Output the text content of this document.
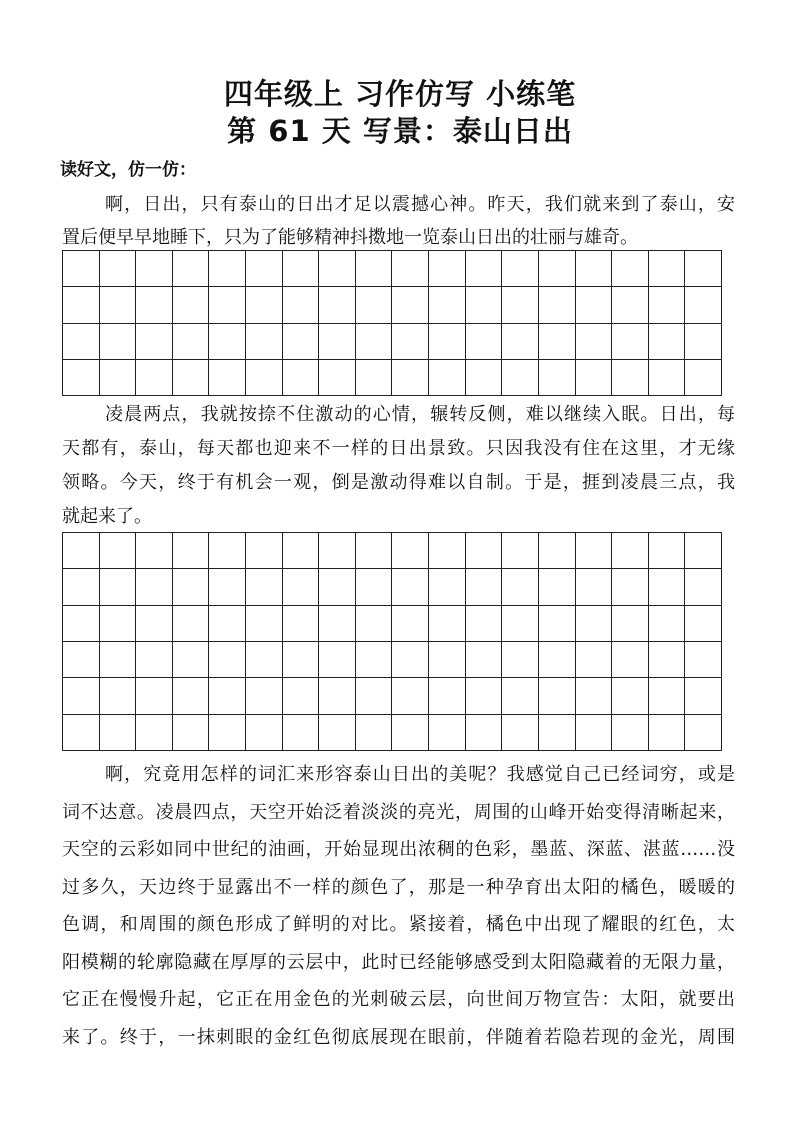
四年级上 习作仿写 小练笔
第 61 天 写景：泰山日出
读好文，仿一仿：
啊，日出，只有泰山的日出才足以震撼心神。昨天，我们就来到了泰山，安
置后便早早地睡下，只为了能够精神抖擞地一览泰山日出的壮丽与雄奇。
凌晨两点，我就按捺不住激动的心情，辗转反侧，难以继续入眠。日出，每
天都有，泰山，每天都也迎来不一样的日出景致。只因我没有住在这里，才无缘
领略。今天，终于有机会一观，倒是激动得难以自制。于是，捱到凌晨三点，我
就起来了。
啊，究竟用怎样的词汇来形容泰山日出的美呢？我感觉自己已经词穷，或是
词不达意。凌晨四点，天空开始泛着淡淡的亮光，周围的山峰开始变得清晰起来，
天空的云彩如同中世纪的油画，开始显现出浓稠的色彩，墨蓝、深蓝、湛蓝……没
过多久，天边终于显露出不一样的颜色了，那是一种孕育出太阳的橘色，暖暖的
色调，和周围的颜色形成了鲜明的对比。紧接着，橘色中出现了耀眼的红色，太
阳模糊的轮廓隐藏在厚厚的云层中，此时已经能够感受到太阳隐藏着的无限力量，
它正在慢慢升起，它正在用金色的光刺破云层，向世间万物宣告：太阳，就要出
来了。终于，一抹刺眼的金红色彻底展现在眼前，伴随着若隐若现的金光，周围
